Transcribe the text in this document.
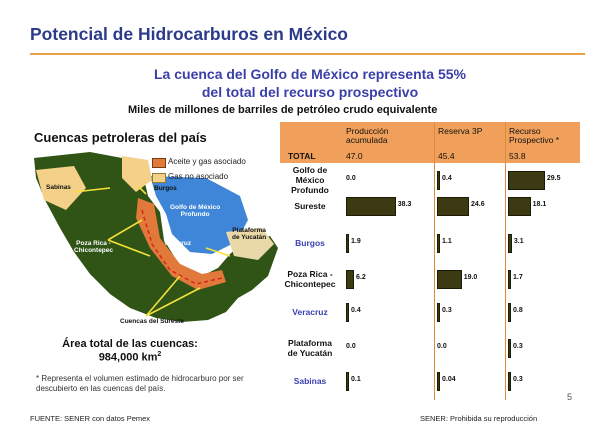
Potencial de Hidrocarburos en México
La cuenca del Golfo de México representa 55%
del total del recurso prospectivo
Miles de millones de barriles de petróleo crudo equivalente
Cuencas petroleras del país
Aceite y gas asociado
Gas no asociado
Burgos
Sabinas
Golfo de México
Profundo
Plataforma
de Yucatán
Veracruz
Poza Rica -
Chicontepec
Cuencas del Sureste
Área total de las cuencas:
984,000 $km^2$
* Representa el volumen estimado de hidrocarburo por ser descubierto en las cuencas del país.
Producción
acumulada
Reserva 3P	Recurso
Prospectivo *
TOTAL	47.0	45.4	53.8
Golfo de
México
Profundo
0.0	0.4	29.5
Sureste	38.3	24.6	18.1
Burgos	1.9	1.1	3.1
Poza Rica -
Chicontepec
6.2	19.0	1.7
Veracruz	0.4	0.3	0.8
Plataforma
de Yucatán
0.0	0.0	0.3
Sabinas	0.1	0.04	0.3
5
FUENTE: SENER con datos Pemex	SENER: Prohibida su reproducción
